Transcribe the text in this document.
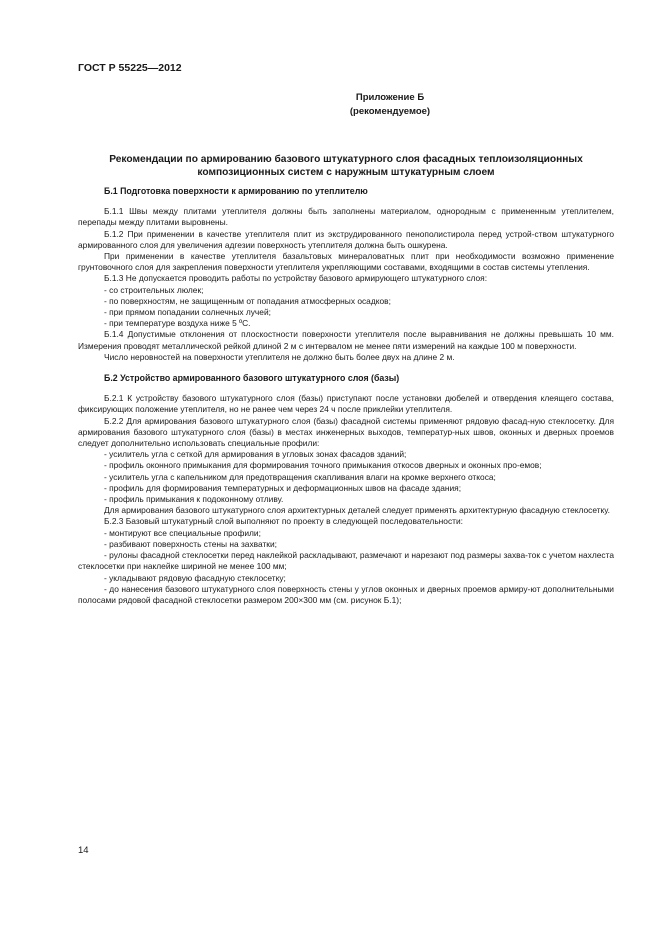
ГОСТ Р 55225—2012
Приложение Б
(рекомендуемое)
Рекомендации по армированию базового штукатурного слоя фасадных теплоизоляционных композиционных систем с наружным штукатурным слоем
Б.1 Подготовка поверхности к армированию по утеплителю

Б.1.1 Швы между плитами утеплителя должны быть заполнены материалом, однородным с примененным утеплителем, перепады между плитами выровнены.

Б.1.2 При применении в качестве утеплителя плит из экструдированного пенополистирола перед устрой-ством штукатурного армированного слоя для увеличения адгезии поверхность утеплителя должна быть ошкурена.

При применении в качестве утеплителя базальтовых минераловатных плит при необходимости возможно применение грунтовочного слоя для закрепления поверхности утеплителя укрепляющими составами, входящими в состав системы утепления.

Б.1.3 Не допускается проводить работы по устройству базового армирующего штукатурного слоя:

- со строительных люлек;

- по поверхностям, не защищенным от попадания атмосферных осадков;

- при прямом попадании солнечных лучей;

- при температуре воздуха ниже 5 ºС.

Б.1.4 Допустимые отклонения от плоскостности поверхности утеплителя после выравнивания не должны превышать 10 мм. Измерения проводят металлической рейкой длиной 2 м с интервалом не менее пяти измерений на каждые 100 м поверхности.

Число неровностей на поверхности утеплителя не должно быть более двух на длине 2 м.

Б.2 Устройство армированного базового штукатурного слоя (базы)

Б.2.1 К устройству базового штукатурного слоя (базы) приступают после установки дюбелей и отвердения клеящего состава, фиксирующих положение утеплителя, но не ранее чем через 24 ч после приклейки утеплителя.

Б.2.2 Для армирования базового штукатурного слоя (базы) фасадной системы применяют рядовую фасад-ную стеклосетку. Для армирования базового штукатурного слоя (базы) в местах инженерных выходов, температур-ных швов, оконных и дверных проемов следует дополнительно использовать специальные профили:

- усилитель угла с сеткой для армирования в угловых зонах фасадов зданий;

- профиль оконного примыкания для формирования точного примыкания откосов дверных и оконных про-емов;

- усилитель угла с капельником для предотвращения скапливания влаги на кромке верхнего откоса;

- профиль для формирования температурных и деформационных швов на фасаде здания;

- профиль примыкания к подоконному отливу.

Для армирования базового штукатурного слоя архитектурных деталей следует применять архитектурную фасадную стеклосетку.

Б.2.3 Базовый штукатурный слой выполняют по проекту в следующей последовательности:

- монтируют все специальные профили;

- разбивают поверхность стены на захватки;

- рулоны фасадной стеклосетки перед наклейкой раскладывают, размечают и нарезают под размеры захва-ток с учетом нахлеста стеклосетки при наклейке шириной не менее 100 мм;

- укладывают рядовую фасадную стеклосетку;

- до нанесения базового штукатурного слоя поверхность стены у углов оконных и дверных проемов армиру-ют дополнительными полосами рядовой фасадной стеклосетки размером 200×300 мм (см. рисунок Б.1);

14
